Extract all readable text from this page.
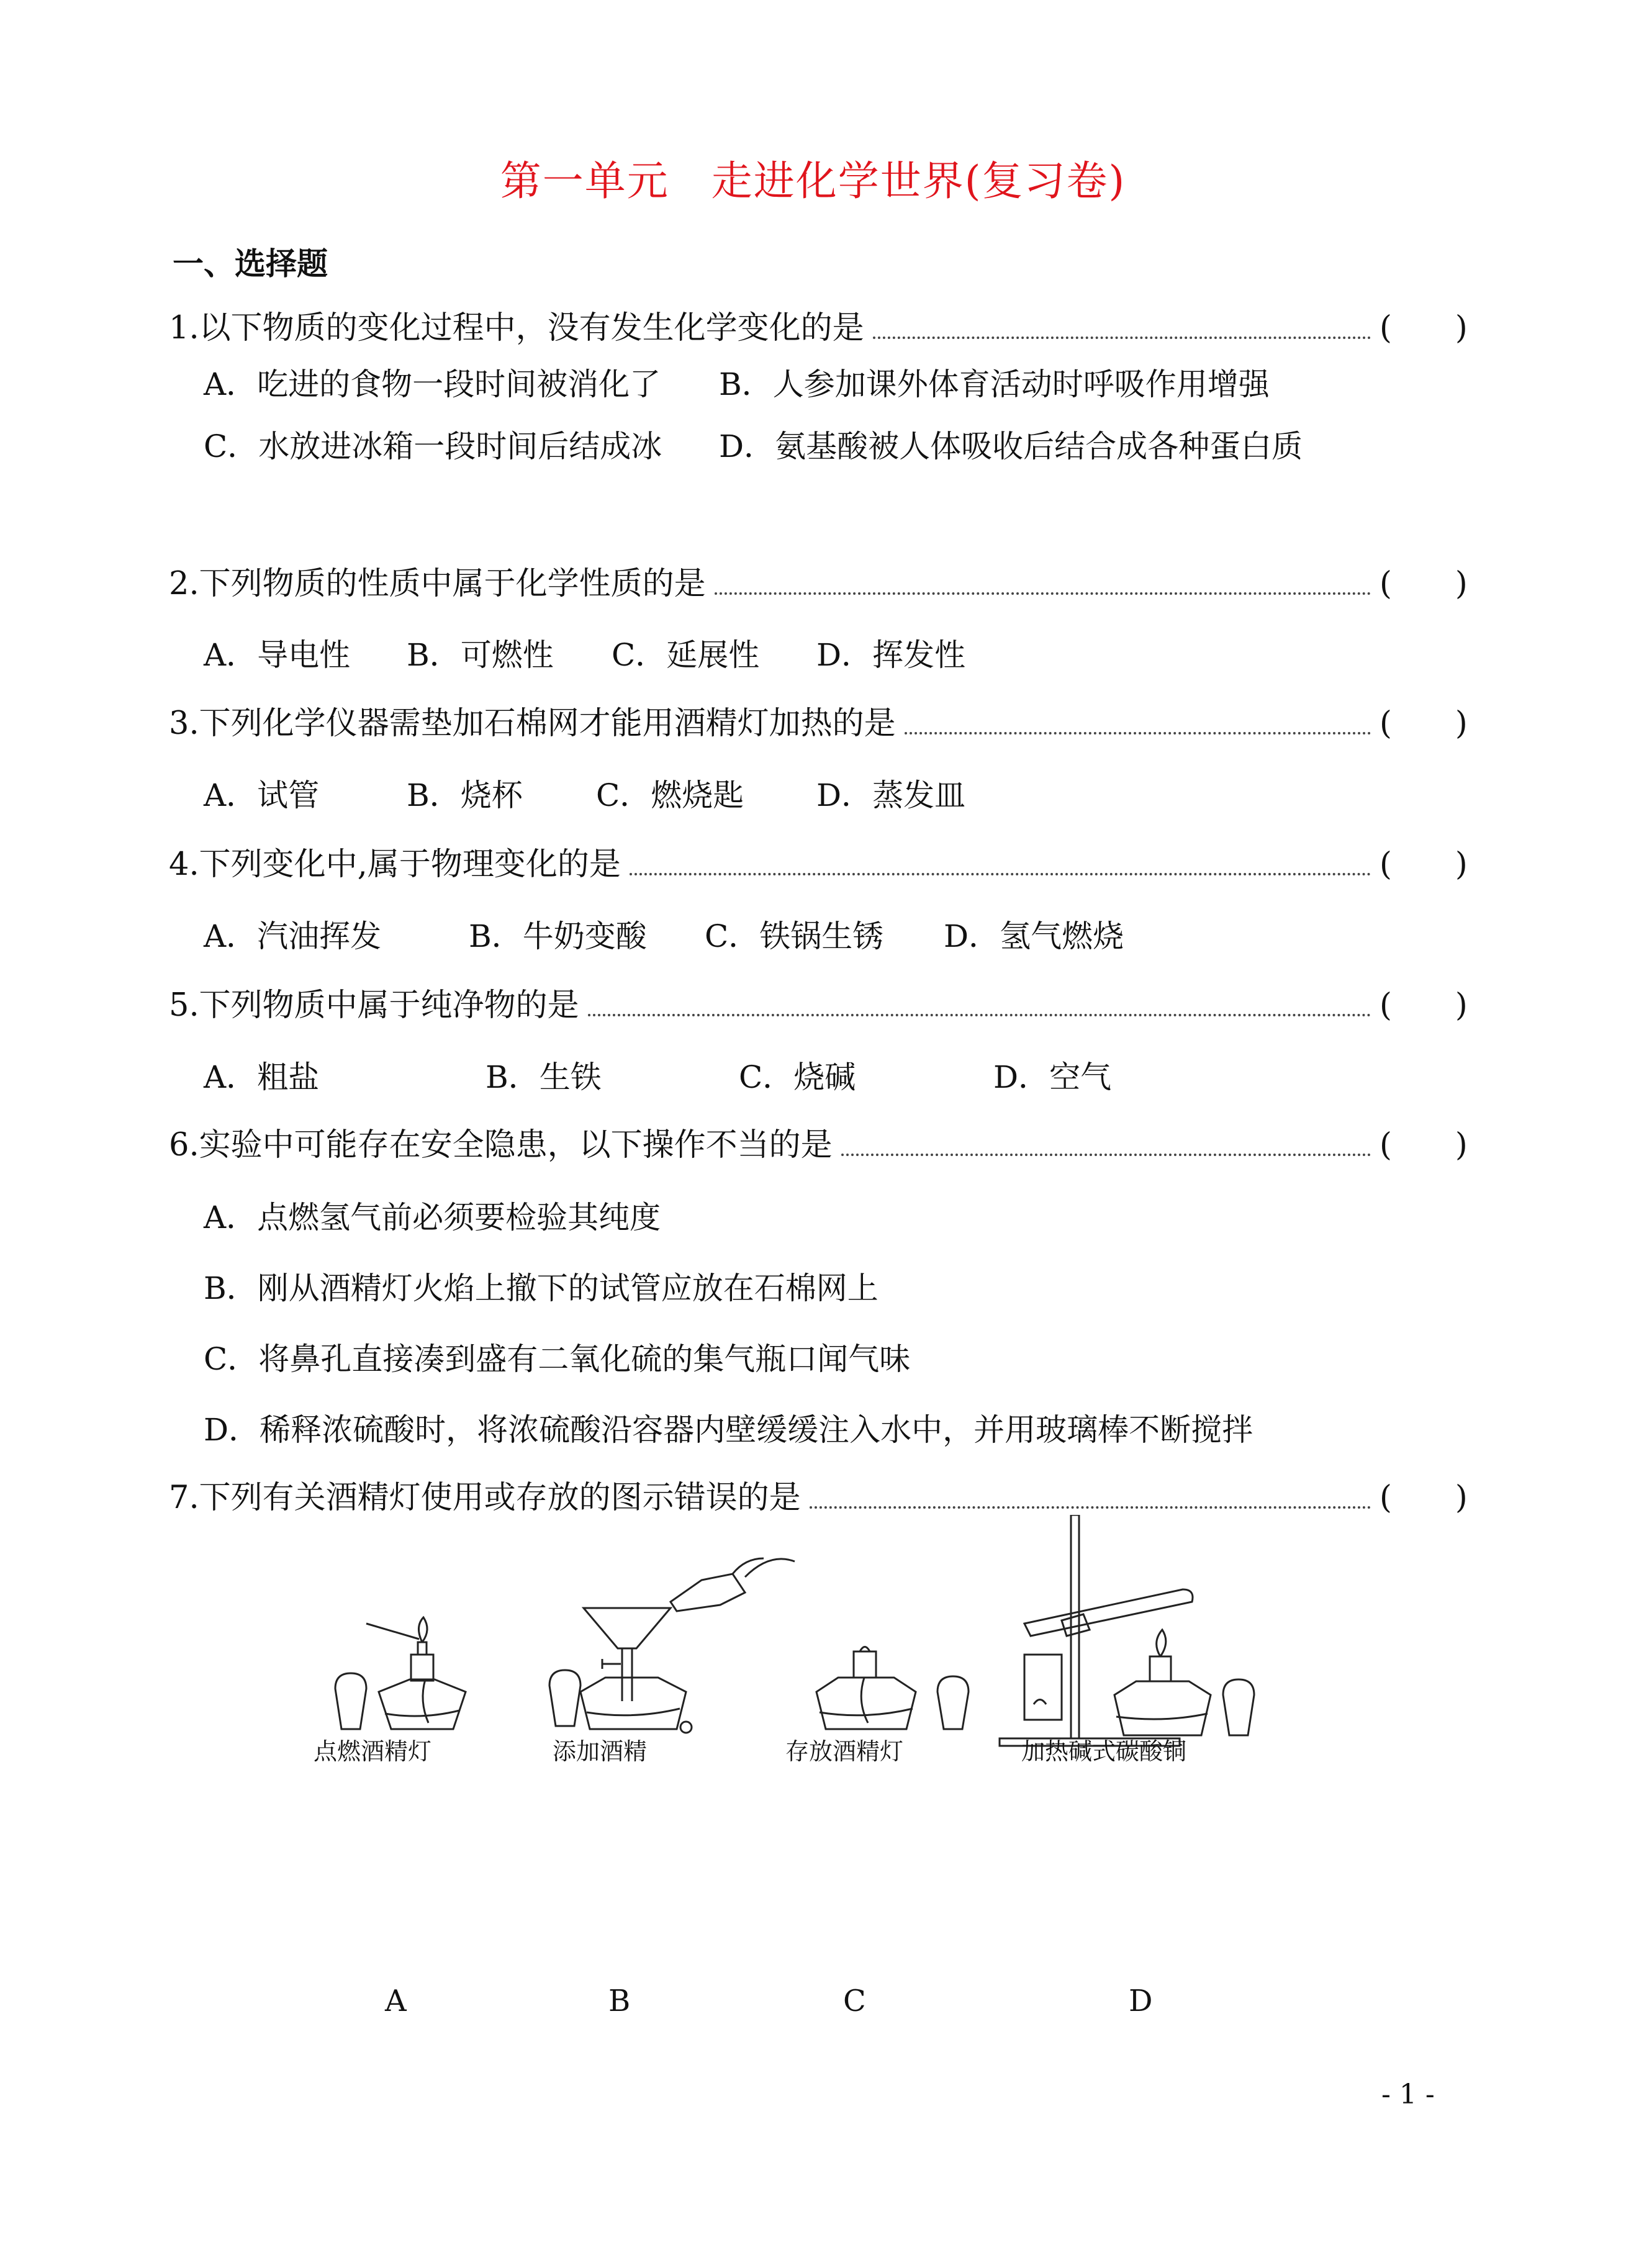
第一单元　走进化学世界(复习卷)
一、选择题
1.以下物质的变化过程中，没有发生化学变化的是	(　　)
A．吃进的食物一段时间被消化了 B．人参加课外体育活动时呼吸作用增强
C．水放进冰箱一段时间后结成冰 D．氨基酸被人体吸收后结合成各种蛋白质
2.下列物质的性质中属于化学性质的是	(　　)
A．导电性 B．可燃性 C．延展性 D．挥发性
3.下列化学仪器需垫加石棉网才能用酒精灯加热的是	(　　)
A．试管	B．烧杯 C．燃烧匙 D．蒸发皿
4.下列变化中,属于物理变化的是	(　　)
A．汽油挥发	B．牛奶变酸 C．铁锅生锈 D．氢气燃烧
5.下列物质中属于纯净物的是	(　　)
A．粗盐	B．生铁	C．烧碱	D．空气
6.实验中可能存在安全隐患，以下操作不当的是	(　　)
A．点燃氢气前必须要检验其纯度
B．刚从酒精灯火焰上撤下的试管应放在石棉网上
C．将鼻孔直接凑到盛有二氧化硫的集气瓶口闻气味
D．稀释浓硫酸时，将浓硫酸沿容器内壁缓缓注入水中，并用玻璃棒不断搅拌
7.下列有关酒精灯使用或存放的图示错误的是	(　　)
点燃酒精灯	添加酒精	存放酒精灯	加热碱式碳酸铜
A	B	C	D
- 1 -
